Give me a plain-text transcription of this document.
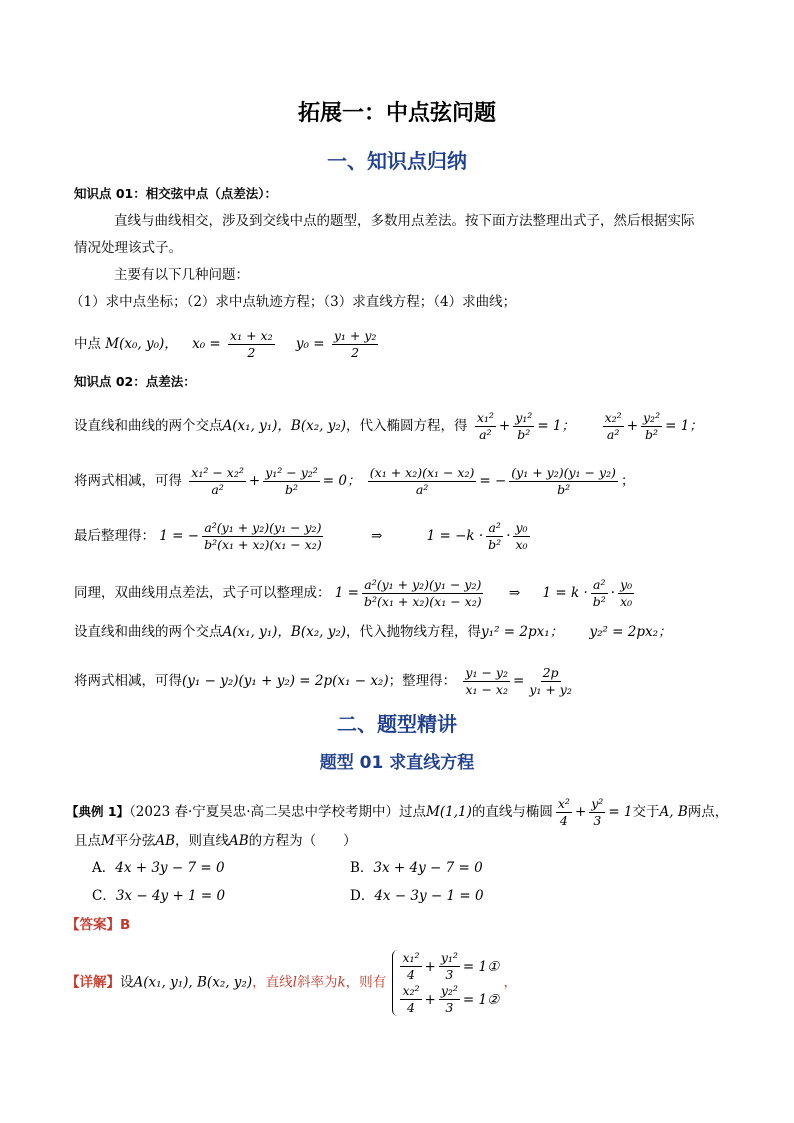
拓展一：中点弦问题
一、知识点归纳
知识点 01：相交弦中点（点差法）：
直线与曲线相交，涉及到交线中点的题型，多数用点差法。按下面方法整理出式子，然后根据实际
情况处理该式子。
主要有以下几种问题：
（1）求中点坐标；（2）求中点轨迹方程；（3）求直线方程；（4）求曲线；
中点 M(x₀, y₀)， $x_0 = \frac{\text{x₁ + x₂}}{2} y_0 = \frac{\text{y₁ + y₂}}{2}$
知识点 02：点差法：
设直线和曲线的两个交点A(x₁, y₁)，B(x₂, y₂)，代入椭圆方程，得 $\frac{\text{x₁²}}{\text{a²}} + \frac{\text{y₁²}}{\text{b²}} = 1$； $\frac{\text{x₂²}}{\text{a²}} + \frac{\text{y₂²}}{\text{b²}} = 1$；
将两式相减，可得 $\frac{\text{x₁² − x₂²}}{\text{a²}} + \frac{\text{y₁² − y₂²}}{\text{b²}} = 0$； $\frac{\text{(x₁ + x₂)(x₁ − x₂)}}{\text{a²}}$ = − $\frac{\text{(y₁ + y₂)(y₁ − y₂)}}{\text{b²}}$ ；
最后整理得： 1 = − $\frac{\text{a²(y₁ + y₂)(y₁ − y₂)}}{\text{b²(x₁ + x₂)(x₁ − x₂)}}$	⇒	$1 = -k \cdot \frac{\text{a²}}{\text{b²}} \cdot \frac{\text{y₀}}{\text{x₀}}$
同理，双曲线用点差法，式子可以整理成： $1 = \frac{\text{a²(y₁ + y₂)(y₁ − y₂)}}{\text{b²(x₁ + x₂)(x₁ − x₂)}}$ ⇒ $1 = k \cdot \frac{\text{a²}}{\text{b²}} \cdot \frac{\text{y₀}}{\text{x₀}}$
设直线和曲线的两个交点A(x₁, y₁)，B(x₂, y₂)，代入抛物线方程，得y₁² = 2px₁； y₂² = 2px₂；
将两式相减，可得(y₁ − y₂)(y₁ + y₂) = 2p(x₁ − x₂)；整理得： $\frac{\text{y₁ − y₂}}{\text{x₁ − x₂}} = \frac{2p}{\text{y₁ + y₂}}$
二、题型精讲
题型 01 求直线方程
【典例 1】（2023 春·宁夏吴忠·高二吴忠中学校考期中）过点M(1,1)的直线与椭圆 $\frac{\text{x²}}{4} + \frac{\text{y²}}{3} = 1$交于A, B两点，
且点M平分弦AB，则直线AB的方程为（　　）
A．4x + 3y − 7 = 0	B．3x + 4y − 7 = 0
C．3x − 4y + 1 = 0	D．4x − 3y − 1 = 0
【答案】B
【详解】设A(x₁, y₁), B(x₂, y₂)，直线l斜率为k，则有 $\frac{\text{x₁²}}{4} + \frac{\text{y₁²}}{3}$ = 1①
$\frac{\text{x₂²}}{4} + \frac{\text{y₂²}}{3}$ = 1②
，
